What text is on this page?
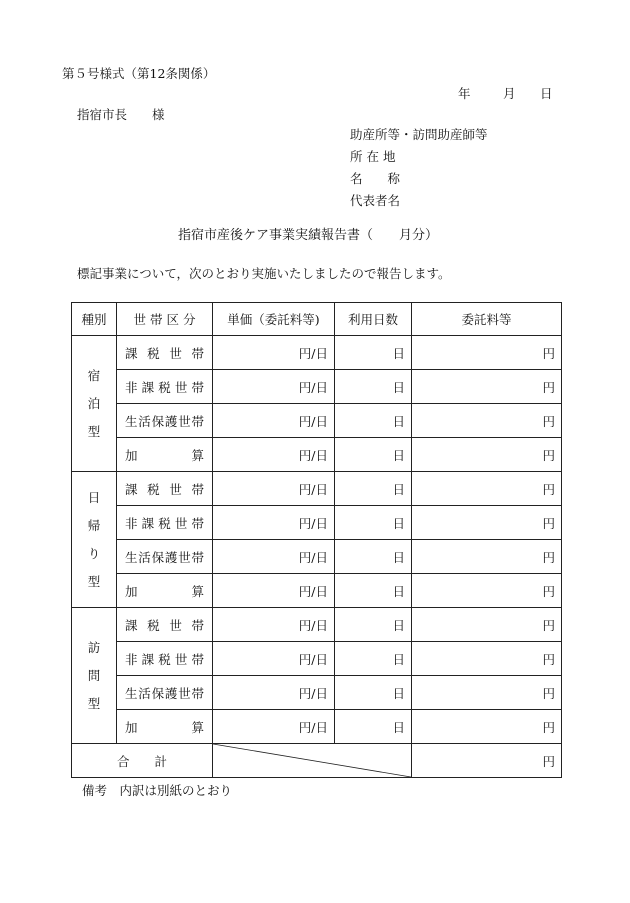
第５号様式（第12条関係）
年	月 日
指宿市長　　様
助産所等・訪問助産師等
所 在 地
名　　称
代表者名
指宿市産後ケア事業実績報告書（　　月分）
標記事業について，次のとおり実施いたしましたので報告します。
種別	世 帯 区 分	単価（委託料等)	利用日数	委託料等
宿
泊
型	課税世帯	円/日	日	円
	非課税世帯	円/日	日	円
	生活保護世帯	円/日	日	円
	加算	円/日	日	円
日
帰
り
型	課税世帯	円/日	日	円
	非課税世帯	円/日	日	円
	生活保護世帯	円/日	日	円
	加算	円/日	日	円
訪
問
型	課税世帯	円/日	日	円
	非課税世帯	円/日	日	円
	生活保護世帯	円/日	日	円
	加算	円/日	日	円
合　　計				円
備考　内訳は別紙のとおり
